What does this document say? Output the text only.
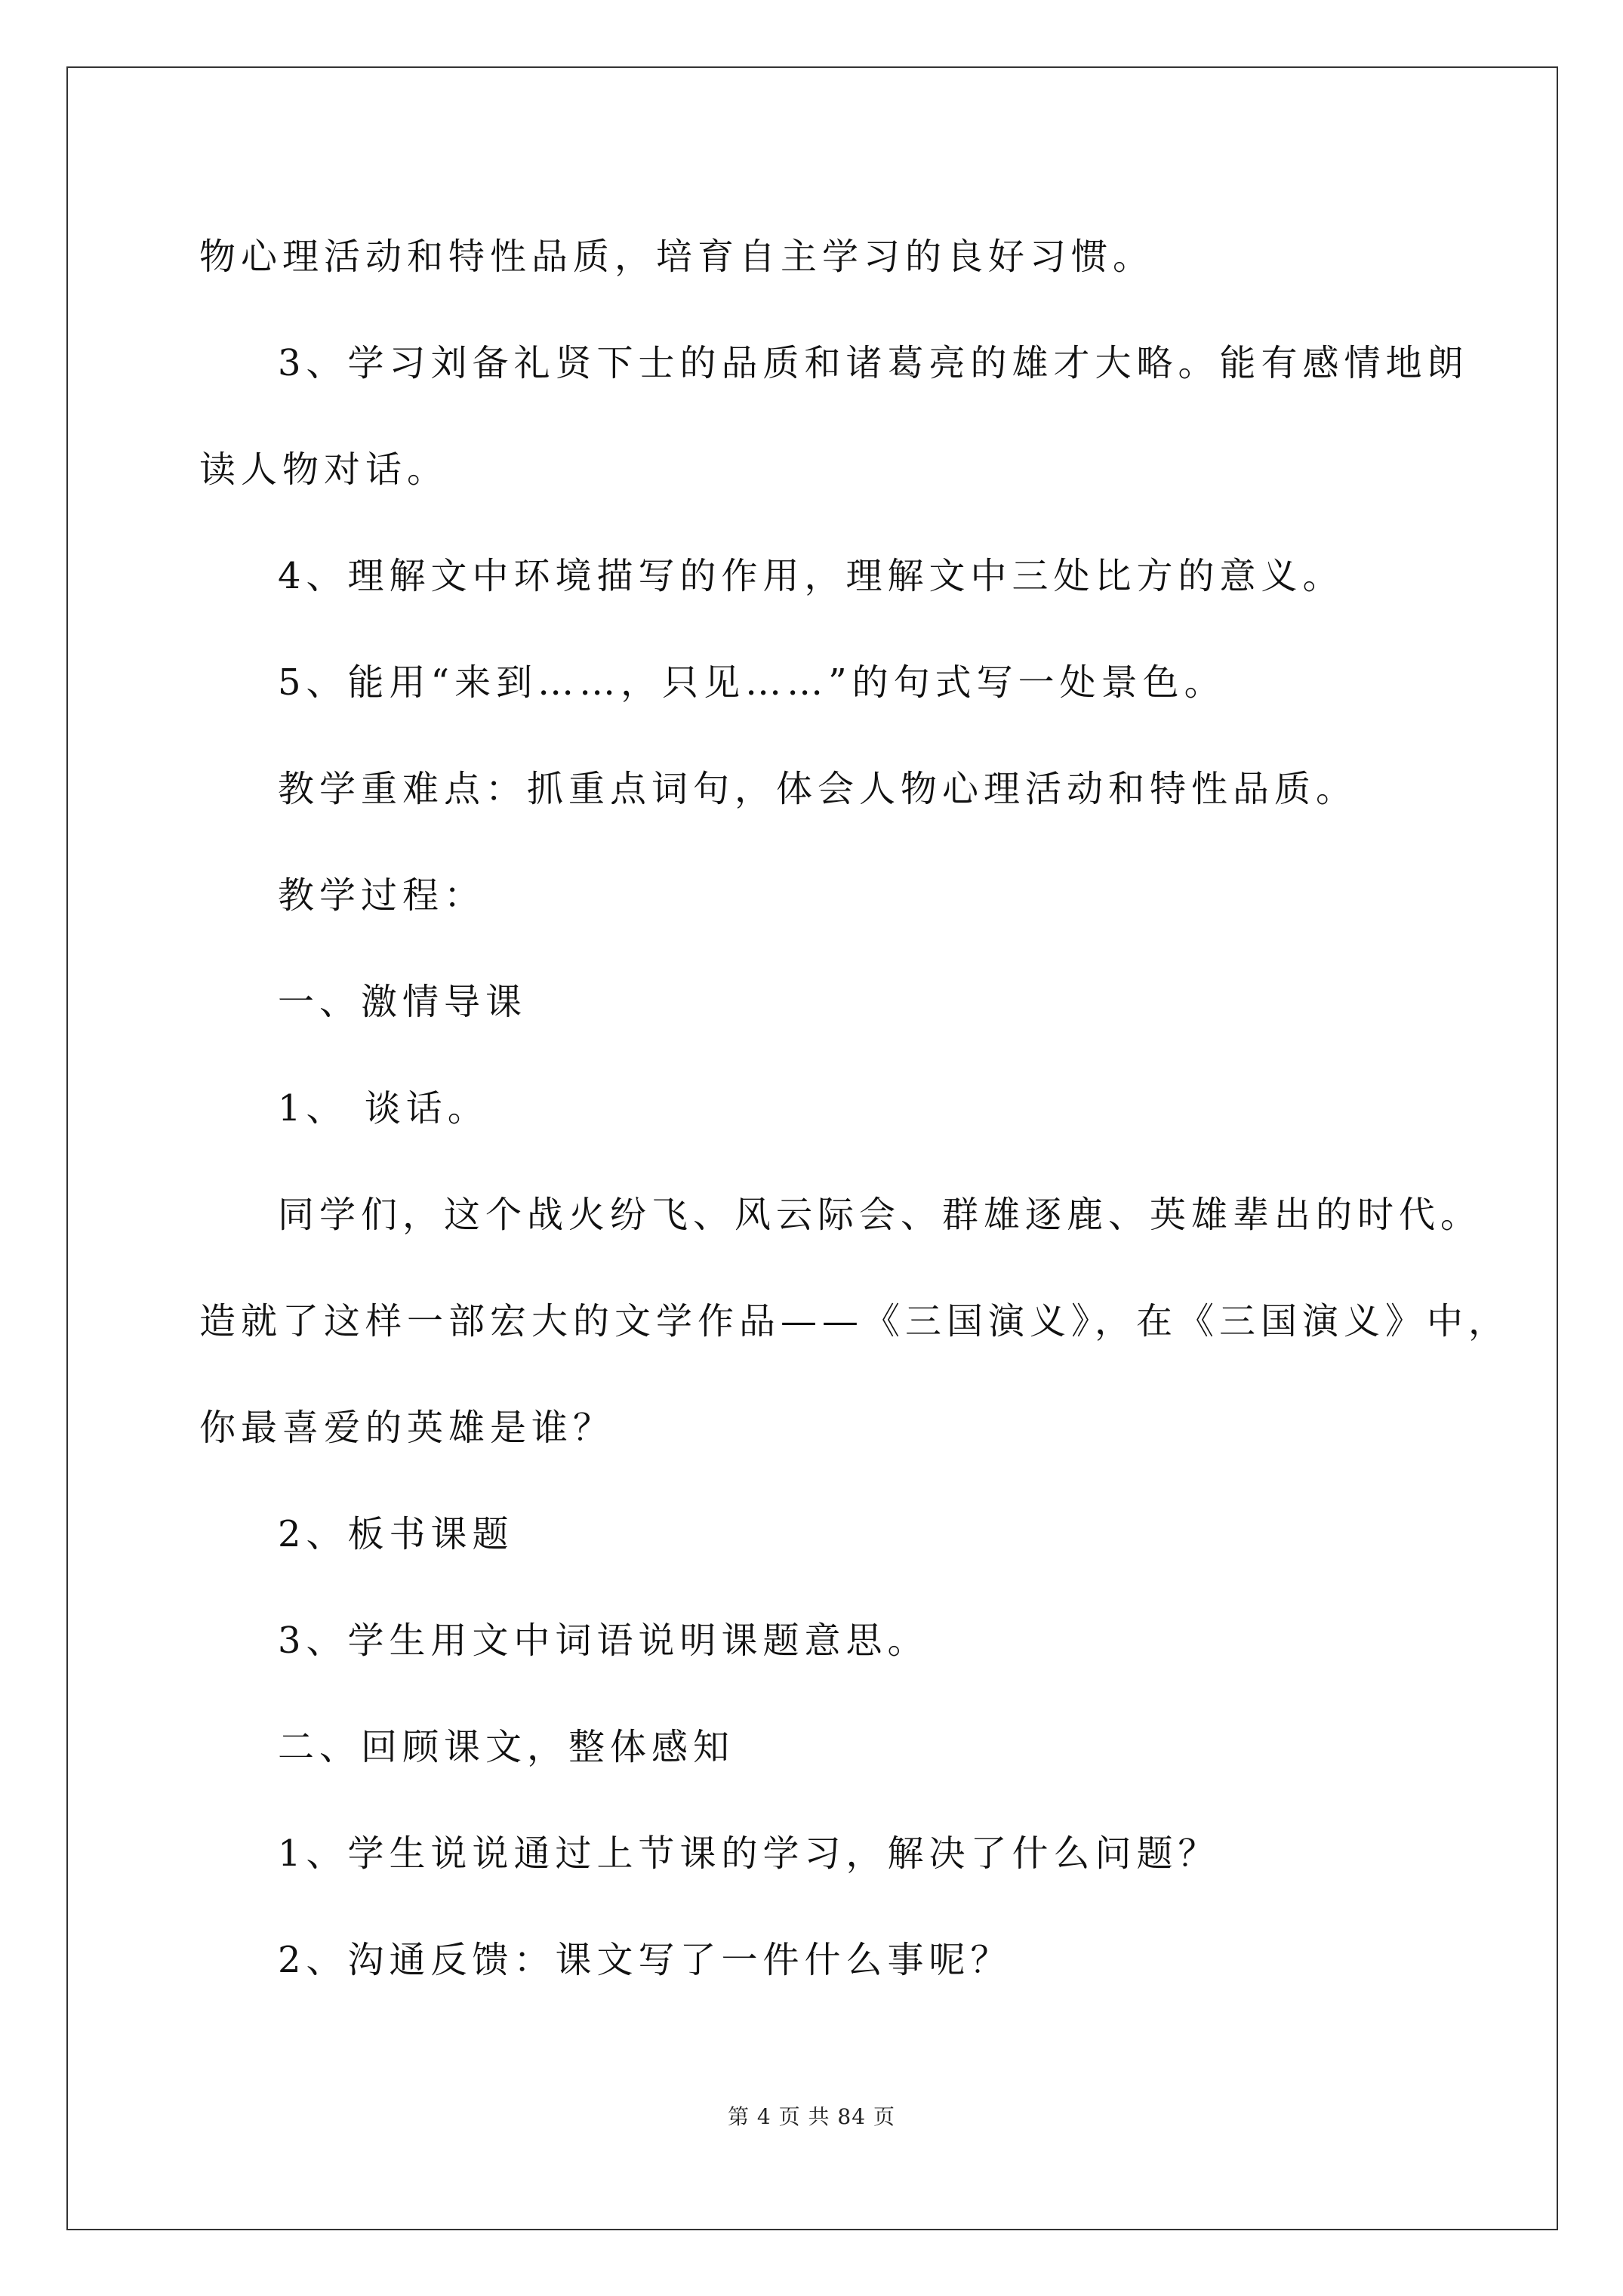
物心理活动和特性品质，培育自主学习的良好习惯。

3、学习刘备礼贤下士的品质和诸葛亮的雄才大略。能有感情地朗

读人物对话。

4、理解文中环境描写的作用，理解文中三处比方的意义。

5、能用“来到……，只见……”的句式写一处景色。

教学重难点：抓重点词句，体会人物心理活动和特性品质。

教学过程：

一、激情导课

1、 谈话。

同学们，这个战火纷飞、风云际会、群雄逐鹿、英雄辈出的时代。

造就了这样一部宏大的文学作品——《三国演义》，在《三国演义》中，

你最喜爱的英雄是谁？

2、板书课题

3、学生用文中词语说明课题意思。

二、回顾课文，整体感知

1、学生说说通过上节课的学习，解决了什么问题？

2、沟通反馈：课文写了一件什么事呢？

第 4 页 共 84 页
